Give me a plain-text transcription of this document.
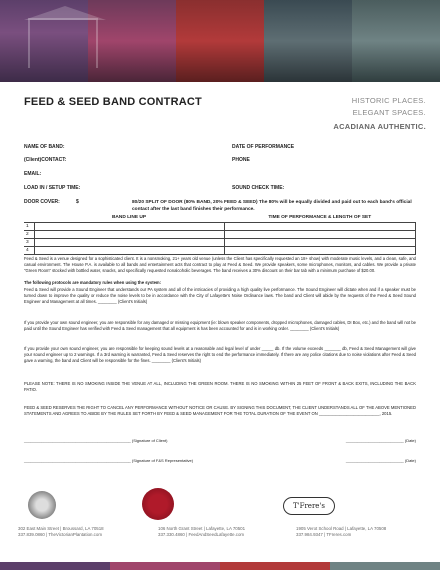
FEED & SEED BAND CONTRACT	HISTORIC PLACES.
ELEGANT SPACES.
ACADIANA AUTHENTIC.
NAME OF BAND:	DATE OF PERFORMANCE
(Client)CONTACT:	PHONE
EMAIL:
LOAD IN / SETUP TIME:	SOUND CHECK TIME:
DOOR COVER:	$	80/20 SPLIT OF DOOR (80% BAND, 20% FEED & SEED) The 80% will be equally divided and paid out to each band's official contact after the last band finishes their performance.
	BAND LINE UP	TIME OF PERFORMANCE & LENGTH OF SET
1		
2		
3		
4		
Feed & Seed is a venue designed for a sophisticated client. It is a nonsmoking, 21+ years old venue (unless the Client has specifically requested an 18+ show) with moderate music levels, and a clean, safe, and casual environment. The House P.A. is available to all bands and entertainment acts that contract to play at Feed & Seed. We provide speakers, some microphones, monitors, and cables. We provide a private "Green Room" stocked with bottled water, snacks, and specifically requested nonalcoholic beverages. The band receives a 30% discount on their bar tab with a minimum purchase of $20.00.
The following protocols are mandatory rules when using the system:
Feed & Seed will provide a Sound Engineer that understands our PA system and all of the intricacies of providing a high quality live performance. The Sound Engineer will dictate when and if a speaker must be turned down to improve the quality or reduce the noise levels to be in accordance with the City of Lafayette's Noise Ordinance laws. The band and Client will abide by the requests of the Feed & Seed Sound Engineer and Management at all times. ________ (Client's Initials)
If you provide your own sound engineer, you are responsible for any damaged or missing equipment (ie: blown speaker components, dropped microphones, damaged cables, DI Box, etc.) and the band will not be paid until the Sound Engineer has verified with Feed & Seed management that all equipment is has been accounted for and is in working order. ________ (Client's Initials)
If you provide your own sound engineer, you are responsible for keeping sound levels at a reasonable and legal level of under _____ db. If the volume exceeds _______ db, Feed & Seed Management will give your sound engineer up to 2 warnings. If a 3rd warning is warranted, Feed & Seed reserves the right to end the performance immediately. If there are any police citations due to noise violations after Feed & Seed gave a warning, the band and Client will be responsible for the fines. ________ (Client's Initials)
PLEASE NOTE: THERE IS NO SMOKING INSIDE THE VENUE AT ALL, INCLUDING THE GREEN ROOM. THERE IS NO SMOKING WITHIN 25 FEET OF FRONT & BACK EXITS, INCLUDING THE BACK PATIO.
FEED & SEED RESERVES THE RIGHT TO CANCEL ANY PERFORMANCE WITHOUT NOTICE OR CAUSE. BY SIGNING THIS DOCUMENT, THE CLIENT UNDERSTANDS ALL OF THE ABOVE MENTIONED STATEMENTS AND AGREES TO ABIDE BY THE RULES SET FORTH BY FEED & SEED MANAGEMENT FOR THE TOTAL DURATION OF THE EVENT ON __________________________, 2015.
________________________________________________ (Signature of Client)	__________________________ (Date)
________________________________________________ (Signature of F&S Representative)	__________________________ (Date)
T'Frere's
302 East Main Street | Broussard, LA 70518
337.839.0860 | TheVictorianPlantation.com
106 North Grant Street | Lafayette, LA 70501
337.330.4860 | FeedAndSeedLafayette.com
1905 Verot School Road | Lafayette, LA 70508
337.984.9347 | TFreres.com
